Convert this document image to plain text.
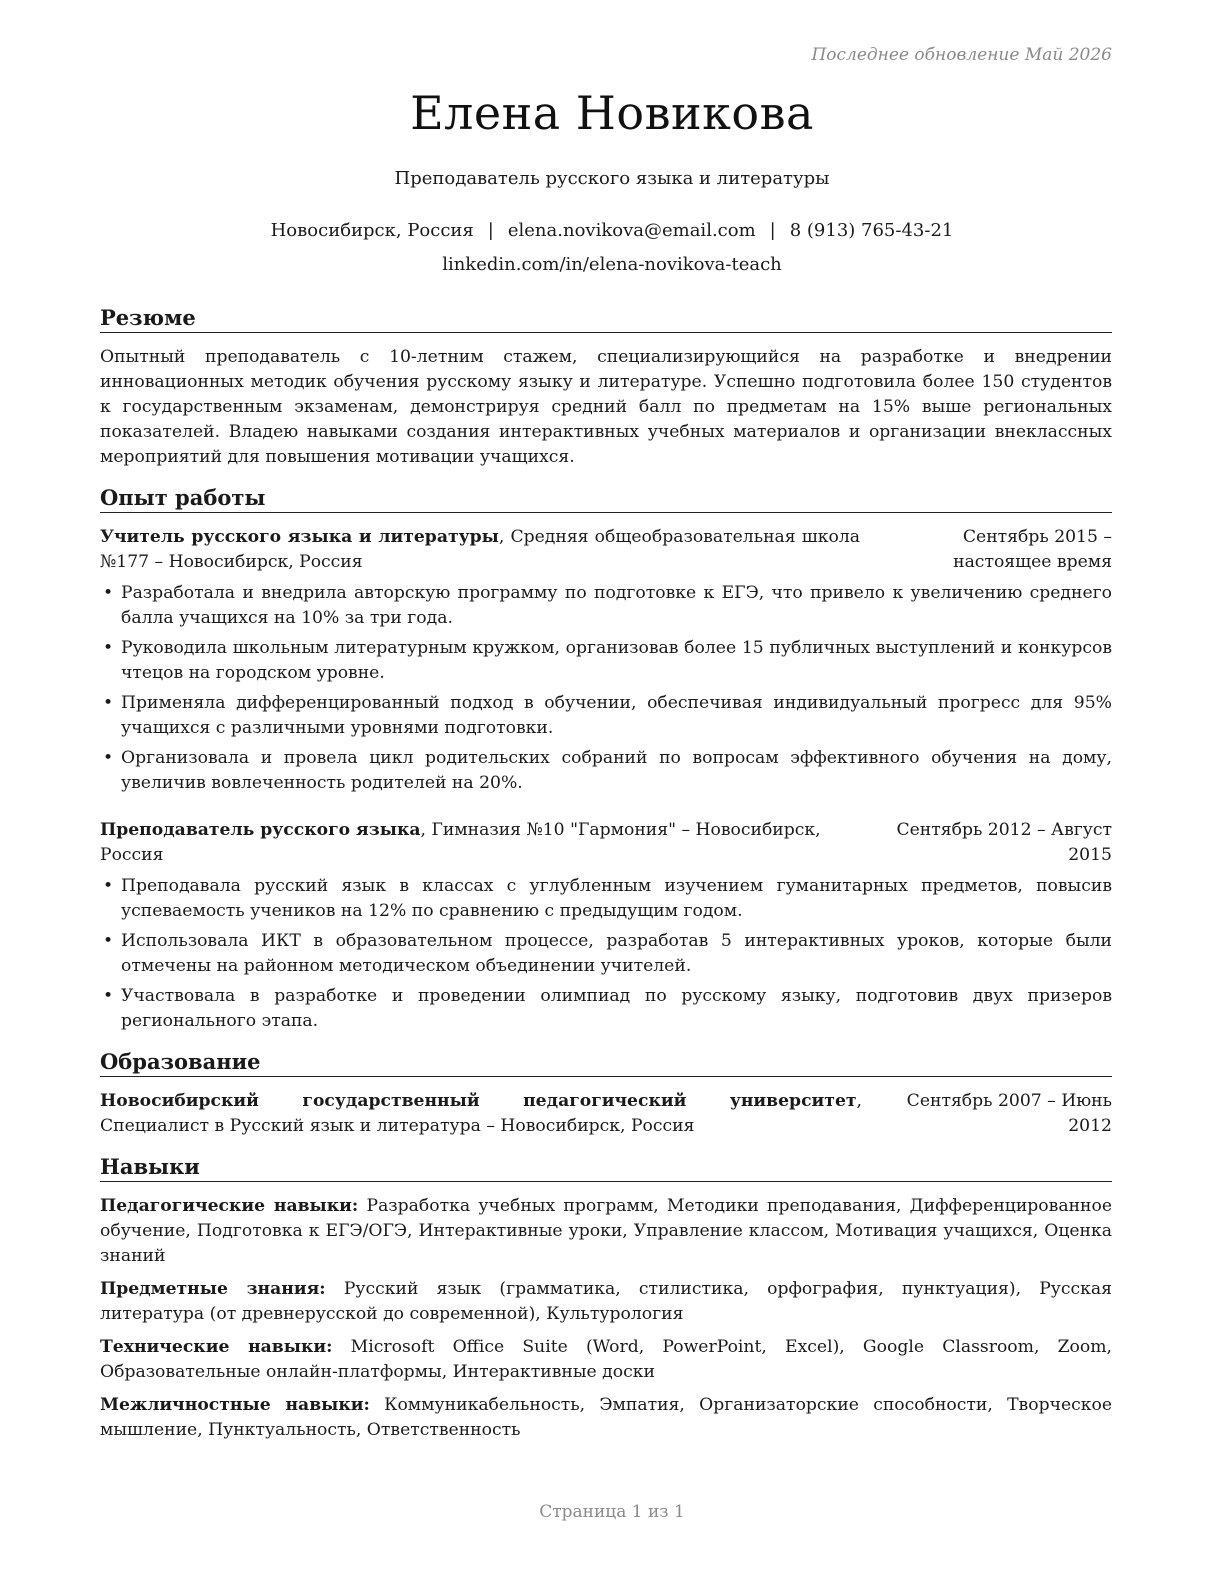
Последнее обновление Май 2026
Елена Новикова
Преподаватель русского языка и литературы
Новосибирск, Россия | elena.novikova@email.com | 8 (913) 765-43-21
linkedin.com/in/elena-novikova-teach
Резюме

Опытный преподаватель с 10-летним стажем, специализирующийся на разработке и внедрении инновационных методик обучения русскому языку и литературе. Успешно подготовила более 150 студентов к государственным экзаменам, демонстрируя средний балл по предметам на 15% выше региональных показателей. Владею навыками создания интерактивных учебных материалов и организации внеклассных мероприятий для повышения мотивации учащихся.

Опыт работы
Учитель русского языка и литературы, Средняя общеобразовательная школа №177 – Новосибирск, Россия
Сентябрь 2015 – настоящее время
• Разработала и внедрила авторскую программу по подготовке к ЕГЭ, что привело к увеличению среднего балла учащихся на 10% за три года.
• Руководила школьным литературным кружком, организовав более 15 публичных выступлений и конкурсов чтецов на городском уровне.
• Применяла дифференцированный подход в обучении, обеспечивая индивидуальный прогресс для 95% учащихся с различными уровнями подготовки.
• Организовала и провела цикл родительских собраний по вопросам эффективного обучения на дому, увеличив вовлеченность родителей на 20%.
Преподаватель русского языка, Гимназия №10 "Гармония" – Новосибирск, Россия
Сентябрь 2012 – Август 2015
• Преподавала русский язык в классах с углубленным изучением гуманитарных предметов, повысив успеваемость учеников на 12% по сравнению с предыдущим годом.
• Использовала ИКТ в образовательном процессе, разработав 5 интерактивных уроков, которые были отмечены на районном методическом объединении учителей.
• Участвовала в разработке и проведении олимпиад по русскому языку, подготовив двух призеров регионального этапа.
Образование
Новосибирский государственный педагогический университет, Специалист в Русский язык и литература – Новосибирск, Россия
Сентябрь 2007 – Июнь 2012
Навыки
Педагогические навыки: Разработка учебных программ, Методики преподавания, Дифференцированное обучение, Подготовка к ЕГЭ/ОГЭ, Интерактивные уроки, Управление классом, Мотивация учащихся, Оценка знаний
Предметные знания: Русский язык (грамматика, стилистика, орфография, пунктуация), Русская литература (от древнерусской до современной), Культурология
Технические навыки: Microsoft Office Suite (Word, PowerPoint, Excel), Google Classroom, Zoom, Образовательные онлайн-платформы, Интерактивные доски
Межличностные навыки: Коммуникабельность, Эмпатия, Организаторские способности, Творческое мышление, Пунктуальность, Ответственность
Страница 1 из 1
